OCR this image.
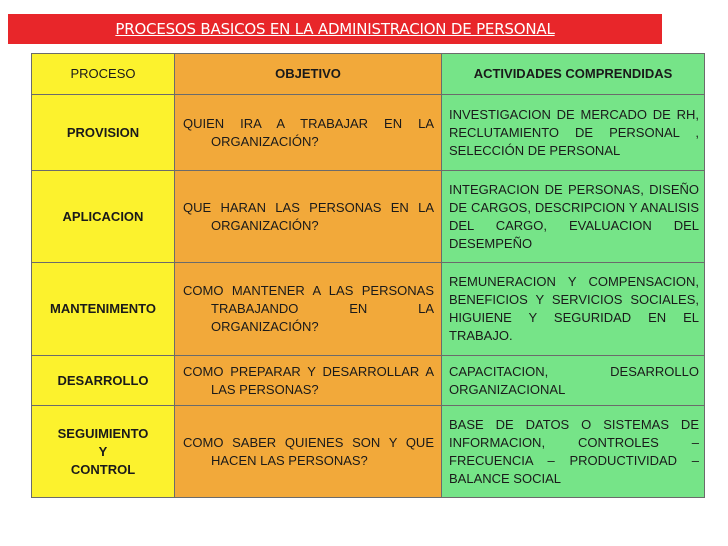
PROCESOS BASICOS EN LA ADMINISTRACION DE PERSONAL
PROCESO	OBJETIVO	ACTIVIDADES COMPRENDIDAS
PROVISION	QUIEN IRA A TRABAJAR EN LA ORGANIZACIÓN?	INVESTIGACION DE MERCADO DE RH, RECLUTAMIENTO DE PERSONAL , SELECCIÓN DE PERSONAL

APLICACION	QUE HARAN LAS PERSONAS EN LA ORGANIZACIÓN?	INTEGRACION DE PERSONAS, DISEÑO DE CARGOS, DESCRIPCION Y ANALISIS DEL CARGO, EVALUACION DEL DESEMPEÑO

MANTENIMENTO	COMO MANTENER A LAS PERSONAS TRABAJANDO EN LA ORGANIZACIÓN?	REMUNERACION Y COMPENSACION, BENEFICIOS Y SERVICIOS SOCIALES, HIGUIENE Y SEGURIDAD EN EL TRABAJO.

DESARROLLO	COMO PREPARAR Y DESARROLLAR A LAS PERSONAS?	CAPACITACION, DESARROLLO ORGANIZACIONAL

SEGUIMIENTO
Y
CONTROL	COMO SABER QUIENES SON Y QUE HACEN LAS PERSONAS?	BASE DE DATOS O SISTEMAS DE INFORMACION, CONTROLES – FRECUENCIA – PRODUCTIVIDAD – BALANCE SOCIAL
